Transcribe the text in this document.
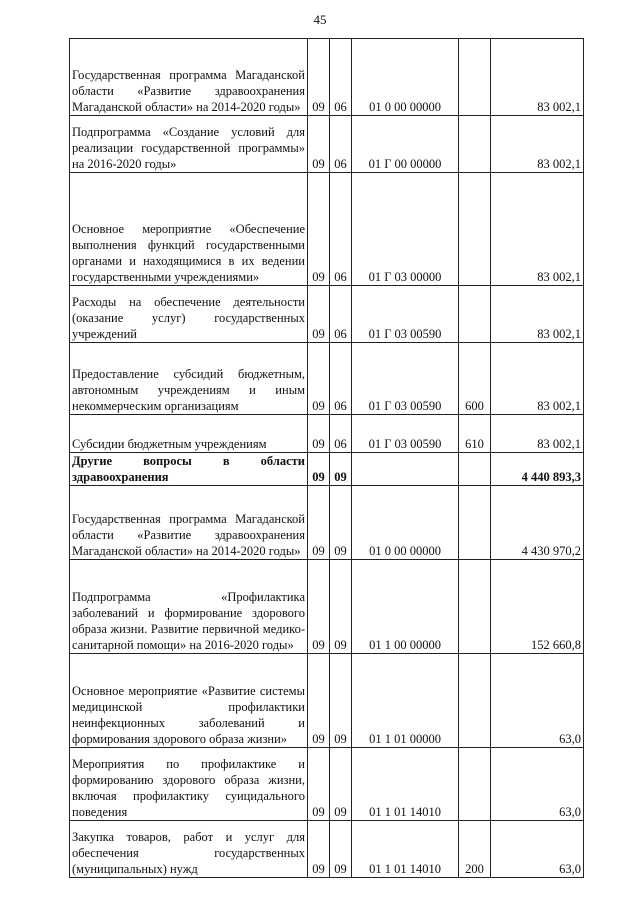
45
Государственная программа Магаданской области «Развитие здравоохранения Магаданской области» на 2014-2020 годы»	09	06	01 0 00 00000		83 002,1
Подпрограмма «Создание условий для реализации государственной программы» на 2016-2020 годы»	09	06	01 Г 00 00000		83 002,1
Основное мероприятие «Обеспечение выполнения функций государственными органами и находящимися в их ведении государственными учреждениями»	09	06	01 Г 03 00000		83 002,1
Расходы на обеспечение деятельности (оказание услуг) государственных учреждений	09	06	01 Г 03 00590		83 002,1
Предоставление субсидий бюджетным, автономным учреждениям и иным некоммерческим организациям	09	06	01 Г 03 00590	600	83 002,1
Субсидии бюджетным учреждениям	09	06	01 Г 03 00590	610	83 002,1
Другие вопросы в области здравоохранения	09	09			4 440 893,3
Государственная программа Магаданской области «Развитие здравоохранения Магаданской области» на 2014-2020 годы»	09	09	01 0 00 00000		4 430 970,2
Подпрограмма «Профилактика заболеваний и формирование здорового образа жизни. Развитие первичной медико-санитарной помощи» на 2016-2020 годы»	09	09	01 1 00 00000		152 660,8
Основное мероприятие «Развитие системы медицинской профилактики неинфекционных заболеваний и формирования здорового образа жизни»	09	09	01 1 01 00000		63,0
Мероприятия по профилактике и формированию здорового образа жизни, включая профилактику суицидального поведения	09	09	01 1 01 14010		63,0
Закупка товаров, работ и услуг для обеспечения государственных (муниципальных) нужд	09	09	01 1 01 14010	200	63,0
